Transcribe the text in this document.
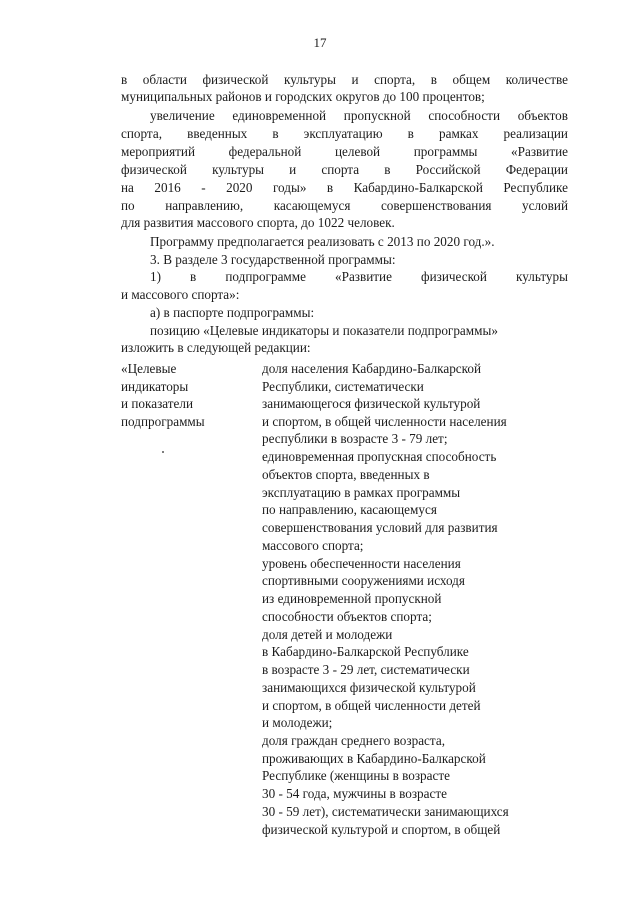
17
в области физической культуры и спорта, в общем количестве
муниципальных районов и городских округов до 100 процентов;
увеличение единовременной пропускной способности объектов
спорта, введенных в эксплуатацию в рамках реализации
мероприятий федеральной целевой программы «Развитие
физической культуры и спорта в Российской Федерации
на 2016 - 2020 годы» в Кабардино-Балкарской Республике
по направлению, касающемуся совершенствования условий
для развития массового спорта, до 1022 человек.
Программу предполагается реализовать с 2013 по 2020 год.».
3. В разделе 3 государственной программы:
1) в подпрограмме «Развитие физической культуры
и массового спорта»:
а) в паспорте подпрограммы:
позицию «Целевые индикаторы и показатели подпрограммы»
изложить в следующей редакции:
«Целевые
индикаторы
и показатели
подпрограммы
доля населения Кабардино-Балкарской
Республики, систематически
занимающегося физической культурой
и спортом, в общей численности населения
республики в возрасте 3 - 79 лет;
единовременная пропускная способность
объектов спорта, введенных в
эксплуатацию в рамках программы
по направлению, касающемуся
совершенствования условий для развития
массового спорта;
уровень обеспеченности населения
спортивными сооружениями исходя
из единовременной пропускной
способности объектов спорта;
доля детей и молодежи
в Кабардино-Балкарской Республике
в возрасте 3 - 29 лет, систематически
занимающихся физической культурой
и спортом, в общей численности детей
и молодежи;
доля граждан среднего возраста,
проживающих в Кабардино-Балкарской
Республике (женщины в возрасте
30 - 54 года, мужчины в возрасте
30 - 59 лет), систематически занимающихся
физической культурой и спортом, в общей
